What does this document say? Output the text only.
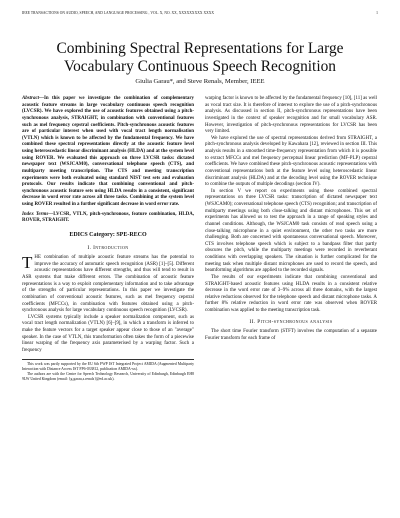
IEEE TRANSACTIONS ON AUDIO, SPEECH, AND LANGUAGE PROCESSING , VOL. X, NO. XX, XXXXXXXXX XXXX	1
Combining Spectral Representations for Large Vocabulary Continuous Speech Recognition
Giulia Garau*, and Steve Renals, Member, IEEE
Abstract—In this paper we investigate the combination of complementary acoustic feature streams in large vocabulary continuous speech recognition (LVCSR). We have explored the use of acoustic features obtained using a pitch-synchronous analysis, STRAIGHT, in combination with conventional features such as mel frequency cepstral coefficients. Pitch-synchronous acoustic features are of particular interest when used with vocal tract length normalisation (VTLN) which is known to be affected by the fundamental frequency. We have combined these spectral representations directly at the acoustic feature level using heteroscedastic linear discriminant analysis (HLDA) and at the system level using ROVER. We evaluated this approach on three LVCSR tasks: dictated newspaper text (WSJCAM0), conversational telephone speech (CTS), and multiparty meeting transcription. The CTS and meeting transcription experiments were both evaluated using standard NIST test sets and evaluation protocols. Our results indicate that combining conventional and pitch-synchronous acoustic feature sets using HLDA results in a consistent, significant decrease in word error rate across all three tasks. Combining at the system level using ROVER resulted in a further significant decrease in word error rate.
Index Terms—LVCSR, VTLN, pitch-synchronous, feature combination, HLDA, ROVER, STRAIGHT.
EDICS Category: SPE-RECO
I. Introduction

THE combination of multiple acoustic feature streams has the potential to improve the accuracy of automatic speech recognition (ASR) [1]–[5]. Different acoustic representations have different strengths, and thus will tend to result in ASR systems that make different errors. The combination of acoustic feature representations is a way to exploit complementary information and to take advantage of the strengths of particular representations. In this paper we investigate the combination of conventional acoustic features, such as mel frequency cepstral coefficients (MFCCs), in combination with features obtained using a pitch-synchronous analysis for large vocabulary continuous speech recognition (LVCSR).

LVCSR systems typically include a speaker normalization component, such as vocal tract length normalization (VTLN) [6]–[9], in which a transform is inferred to make the feature vectors for a target speaker appear close to those of an "average" speaker. In the case of VTLN, this transformation often takes the form of a piecewise linear warping of the frequency axis parameterised by a warping factor. Such a frequency

This work was partly supported by the EU 6th FWP IST Integrated Project AMIDA (Augmented Multiparty Interaction with Distance Access IST FP6-033812, publication AMIDA-xx).

The authors are with the Centre for Speech Technology Research, University of Edinburgh, Edinburgh EH8 9LW United Kingdom (email: {g.garau,s.renals}@ed.ac.uk).

warping factor is known to be affected by the fundamental frequency [10], [11] as well as vocal tract size. It is therefore of interest to explore the use of a pitch-synchronous analysis. As discussed in section II, pitch-synchronous representations have been investigated in the context of speaker recognition and for small vocabulary ASR. However, investigation of pitch-synchronous representations for LVCSR has been very limited.

We have explored the use of spectral representations derived from STRAIGHT, a pitch-synchronous analysis developed by Kawahara [12], reviewed in section III. This analysis results in a smoothed time-frequency representation from which it is possible to extract MFCCs and mel frequency perceptual linear prediction (MF-PLP) cepstral coefficients. We have combined these pitch-synchronous acoustic representations with conventional representations both at the feature level using heteroscedastic linear discriminant analysis (HLDA) and at the decoding level using the ROVER technique to combine the outputs of multiple decodings (section IV).

In section V we report on experiments using these combined spectral representations on three LVCSR tasks: transcription of dictated newspaper text (WSJCAM0); conversational telephone speech (CTS) recognition; and transcription of multiparty meetings using both close-talking and distant microphones. This set of experiments has allowed us to test the approach in a range of speaking styles and channel conditions. Although, the WSJCAM0 task consists of read speech using a close-talking microphone in a quiet environment, the other two tasks are more challenging. Both are concerned with spontaneous conversational speech. Moreover, CTS involves telephone speech which is subject to a bandpass filter that partly obscures the pitch, while the multiparty meetings were recorded in reverberant conditions with overlapping speakers. The situation is further complicated for the meeting task when multiple distant microphones are used to record the speech, and beamforming algorithms are applied to the recorded signals.

The results of our experiments indicate that combining conventional and STRAIGHT-based acoustic features using HLDA results in a consistent relative decrease in the word error rate of 3–9% across all three domains, with the largest relative reductions observed for the telephone speech and distant microphone tasks. A further 8% relative reduction in word error rate was observed when ROVER combination was applied to the meeting transcription task.

II. Pitch-synchronous analysis

The short time Fourier transform (STFT) involves the computation of a separate Fourier transform for each frame of
